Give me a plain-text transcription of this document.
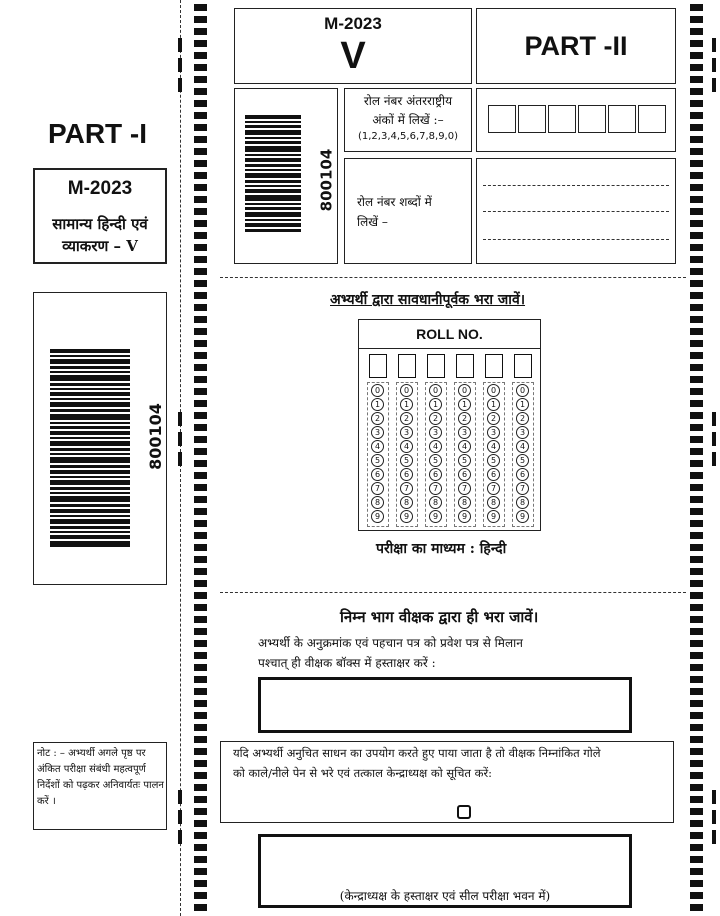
PART -I
M-2023
सामान्य हिन्दी एवं
व्याकरण – V
800104
नोट : – अभ्यर्थी अगले पृष्ठ पर अंकित परीक्षा संबंधी महत्वपूर्ण निर्देशों को पढ़कर अनिवार्यतः पालन करें ।
M-2023
V	PART -II
800104
रोल नंबर अंतरराष्ट्रीय
अंकों में लिखें :–
(1,2,3,4,5,6,7,8,9,0)
रोल नंबर शब्दों में
लिखें –
अभ्यर्थी द्वारा सावधानीपूर्वक भरा जावें।
ROLL NO.
0
1
2
3
4
5
6
7
8
9
0
1
2
3
4
5
6
7
8
9
0
1
2
3
4
5
6
7
8
9
0
1
2
3
4
5
6
7
8
9
0
1
2
3
4
5
6
7
8
9
0
1
2
3
4
5
6
7
8
9
परीक्षा का माध्यम : हिन्दी
निम्न भाग वीक्षक द्वारा ही भरा जावें।
अभ्यर्थी के अनुक्रमांक एवं पहचान पत्र को प्रवेश पत्र से मिलान
पश्चात् ही वीक्षक बॉक्स में हस्ताक्षर करें :
यदि अभ्यर्थी अनुचित साधन का उपयोग करते हुए पाया जाता है तो वीक्षक निम्नांकित गोले
को काले/नीले पेन से भरे एवं तत्काल केन्द्राध्यक्ष को सूचित करें:
(केन्द्राध्यक्ष के हस्ताक्षर एवं सील परीक्षा भवन में)
